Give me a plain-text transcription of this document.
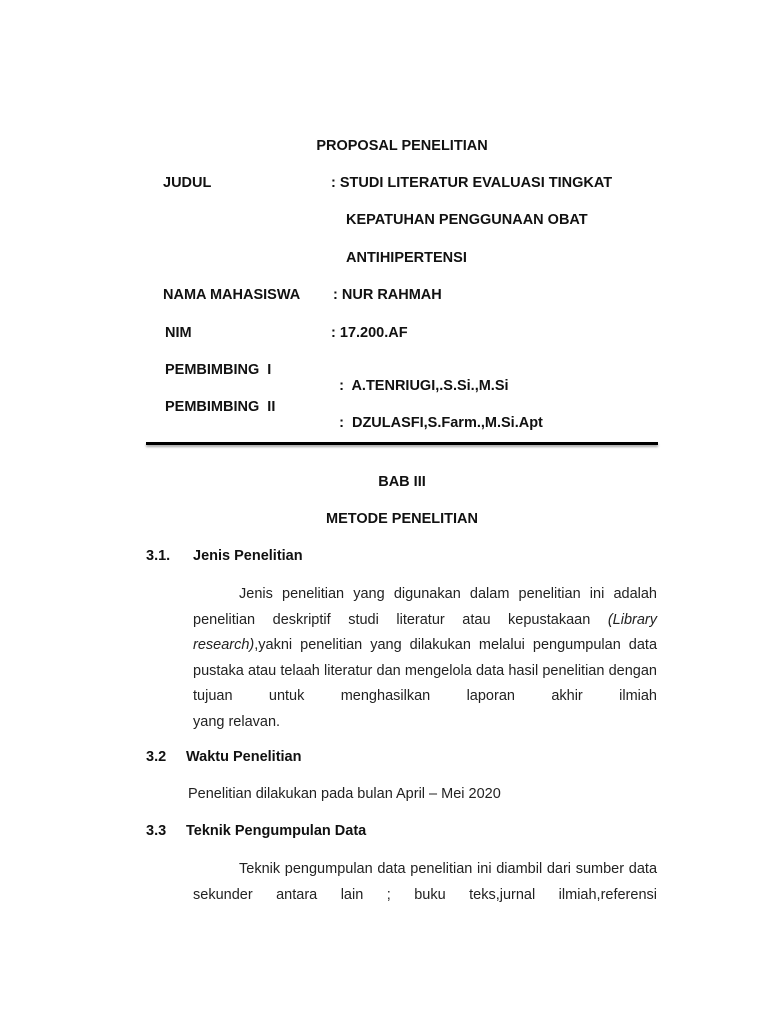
PROPOSAL PENELITIAN
JUDUL	: STUDI LITERATUR EVALUASI TINGKAT
KEPATUHAN PENGGUNAAN OBAT
ANTIHIPERTENSI
NAMA MAHASISWA : NUR RAHMAH
NIM	: 17.200.AF
PEMBIMBING  I

: A.TENRIUGI,.S.Si.,M.Si

PEMBIMBING  II

: DZULASFI,S.Farm.,M.Si.Apt

BAB III
METODE PENELITIAN
3.1. Jenis Penelitian
Jenis penelitian yang digunakan dalam penelitian ini adalah penelitian deskriptif studi literatur atau kepustakaan (Library research),yakni penelitian yang dilakukan melalui pengumpulan data pustaka atau telaah literatur dan mengelola data hasil penelitian dengan tujuan untuk menghasilkan laporan akhir ilmiah
yang relavan.
3.2 Waktu Penelitian
Penelitian dilakukan pada bulan April – Mei 2020
3.3 Teknik Pengumpulan Data
Teknik pengumpulan data penelitian ini diambil dari sumber data sekunder antara lain ; buku teks,jurnal ilmiah,referensi
